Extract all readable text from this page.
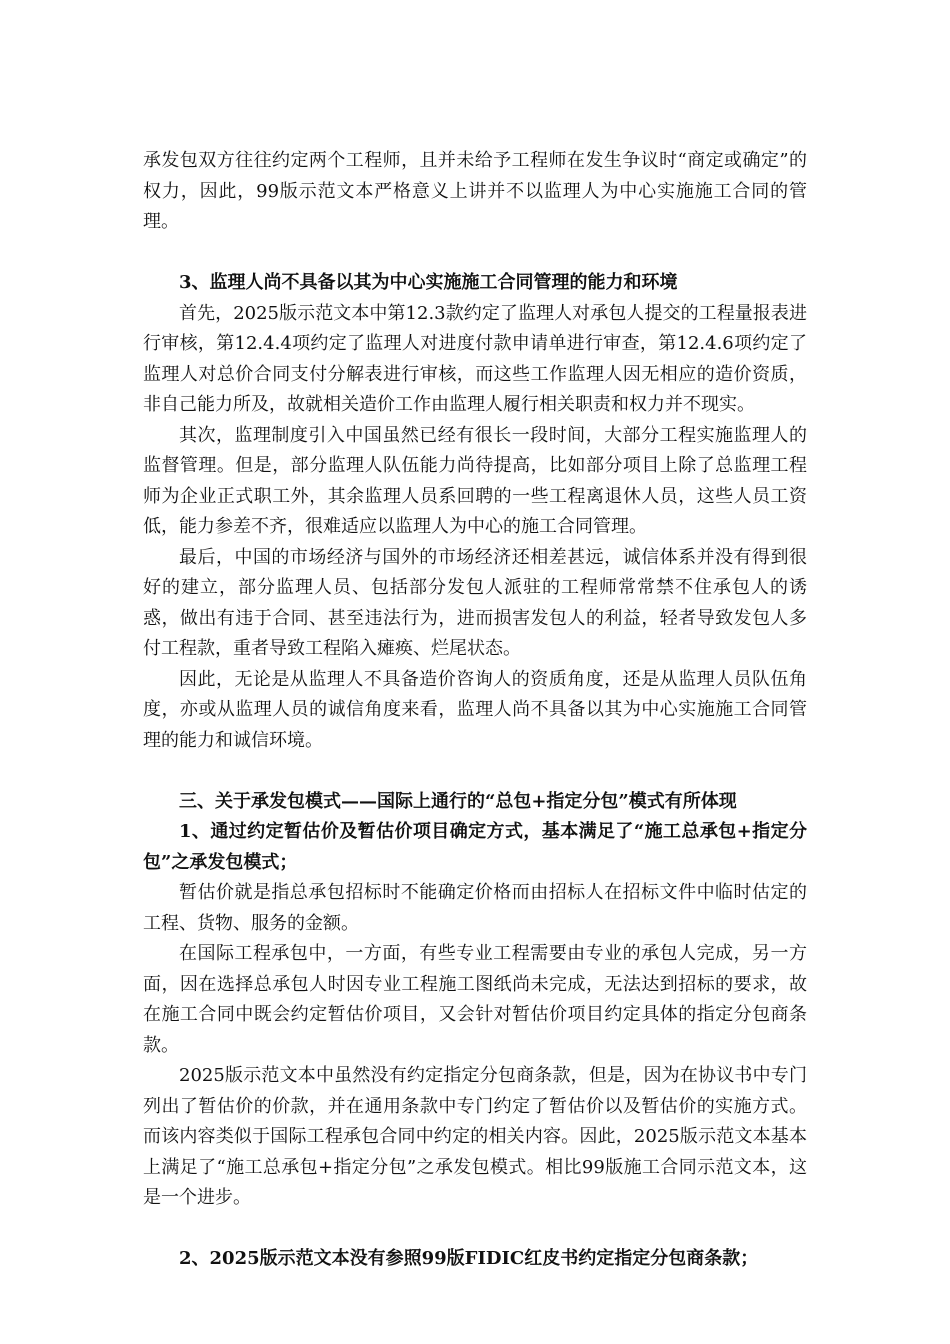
承发包双方往往约定两个工程师，且并未给予工程师在发生争议时“商定或确定”的权力，因此，99版示范文本严格意义上讲并不以监理人为中心实施施工合同的管理。

3、监理人尚不具备以其为中心实施施工合同管理的能力和环境

首先，2025版示范文本中第12.3款约定了监理人对承包人提交的工程量报表进行审核，第12.4.4项约定了监理人对进度付款申请单进行审查，第12.4.6项约定了监理人对总价合同支付分解表进行审核，而这些工作监理人因无相应的造价资质，非自己能力所及，故就相关造价工作由监理人履行相关职责和权力并不现实。

其次，监理制度引入中国虽然已经有很长一段时间，大部分工程实施监理人的监督管理。但是，部分监理人队伍能力尚待提高，比如部分项目上除了总监理工程师为企业正式职工外，其余监理人员系回聘的一些工程离退休人员，这些人员工资低，能力参差不齐，很难适应以监理人为中心的施工合同管理。

最后，中国的市场经济与国外的市场经济还相差甚远，诚信体系并没有得到很好的建立，部分监理人员、包括部分发包人派驻的工程师常常禁不住承包人的诱惑，做出有违于合同、甚至违法行为，进而损害发包人的利益，轻者导致发包人多付工程款，重者导致工程陷入瘫痪、烂尾状态。

因此，无论是从监理人不具备造价咨询人的资质角度，还是从监理人员队伍角度，亦或从监理人员的诚信角度来看，监理人尚不具备以其为中心实施施工合同管理的能力和诚信环境。

三、关于承发包模式——国际上通行的“总包+指定分包”模式有所体现

1、通过约定暂估价及暂估价项目确定方式，基本满足了“施工总承包+指定分包”之承发包模式；

暂估价就是指总承包招标时不能确定价格而由招标人在招标文件中临时估定的工程、货物、服务的金额。

在国际工程承包中，一方面，有些专业工程需要由专业的承包人完成，另一方面，因在选择总承包人时因专业工程施工图纸尚未完成，无法达到招标的要求，故在施工合同中既会约定暂估价项目，又会针对暂估价项目约定具体的指定分包商条款。

2025版示范文本中虽然没有约定指定分包商条款，但是，因为在协议书中专门列出了暂估价的价款，并在通用条款中专门约定了暂估价以及暂估价的实施方式。而该内容类似于国际工程承包合同中约定的相关内容。因此，2025版示范文本基本上满足了“施工总承包+指定分包”之承发包模式。相比99版施工合同示范文本，这是一个进步。

2、2025版示范文本没有参照99版FIDIC红皮书约定指定分包商条款；
